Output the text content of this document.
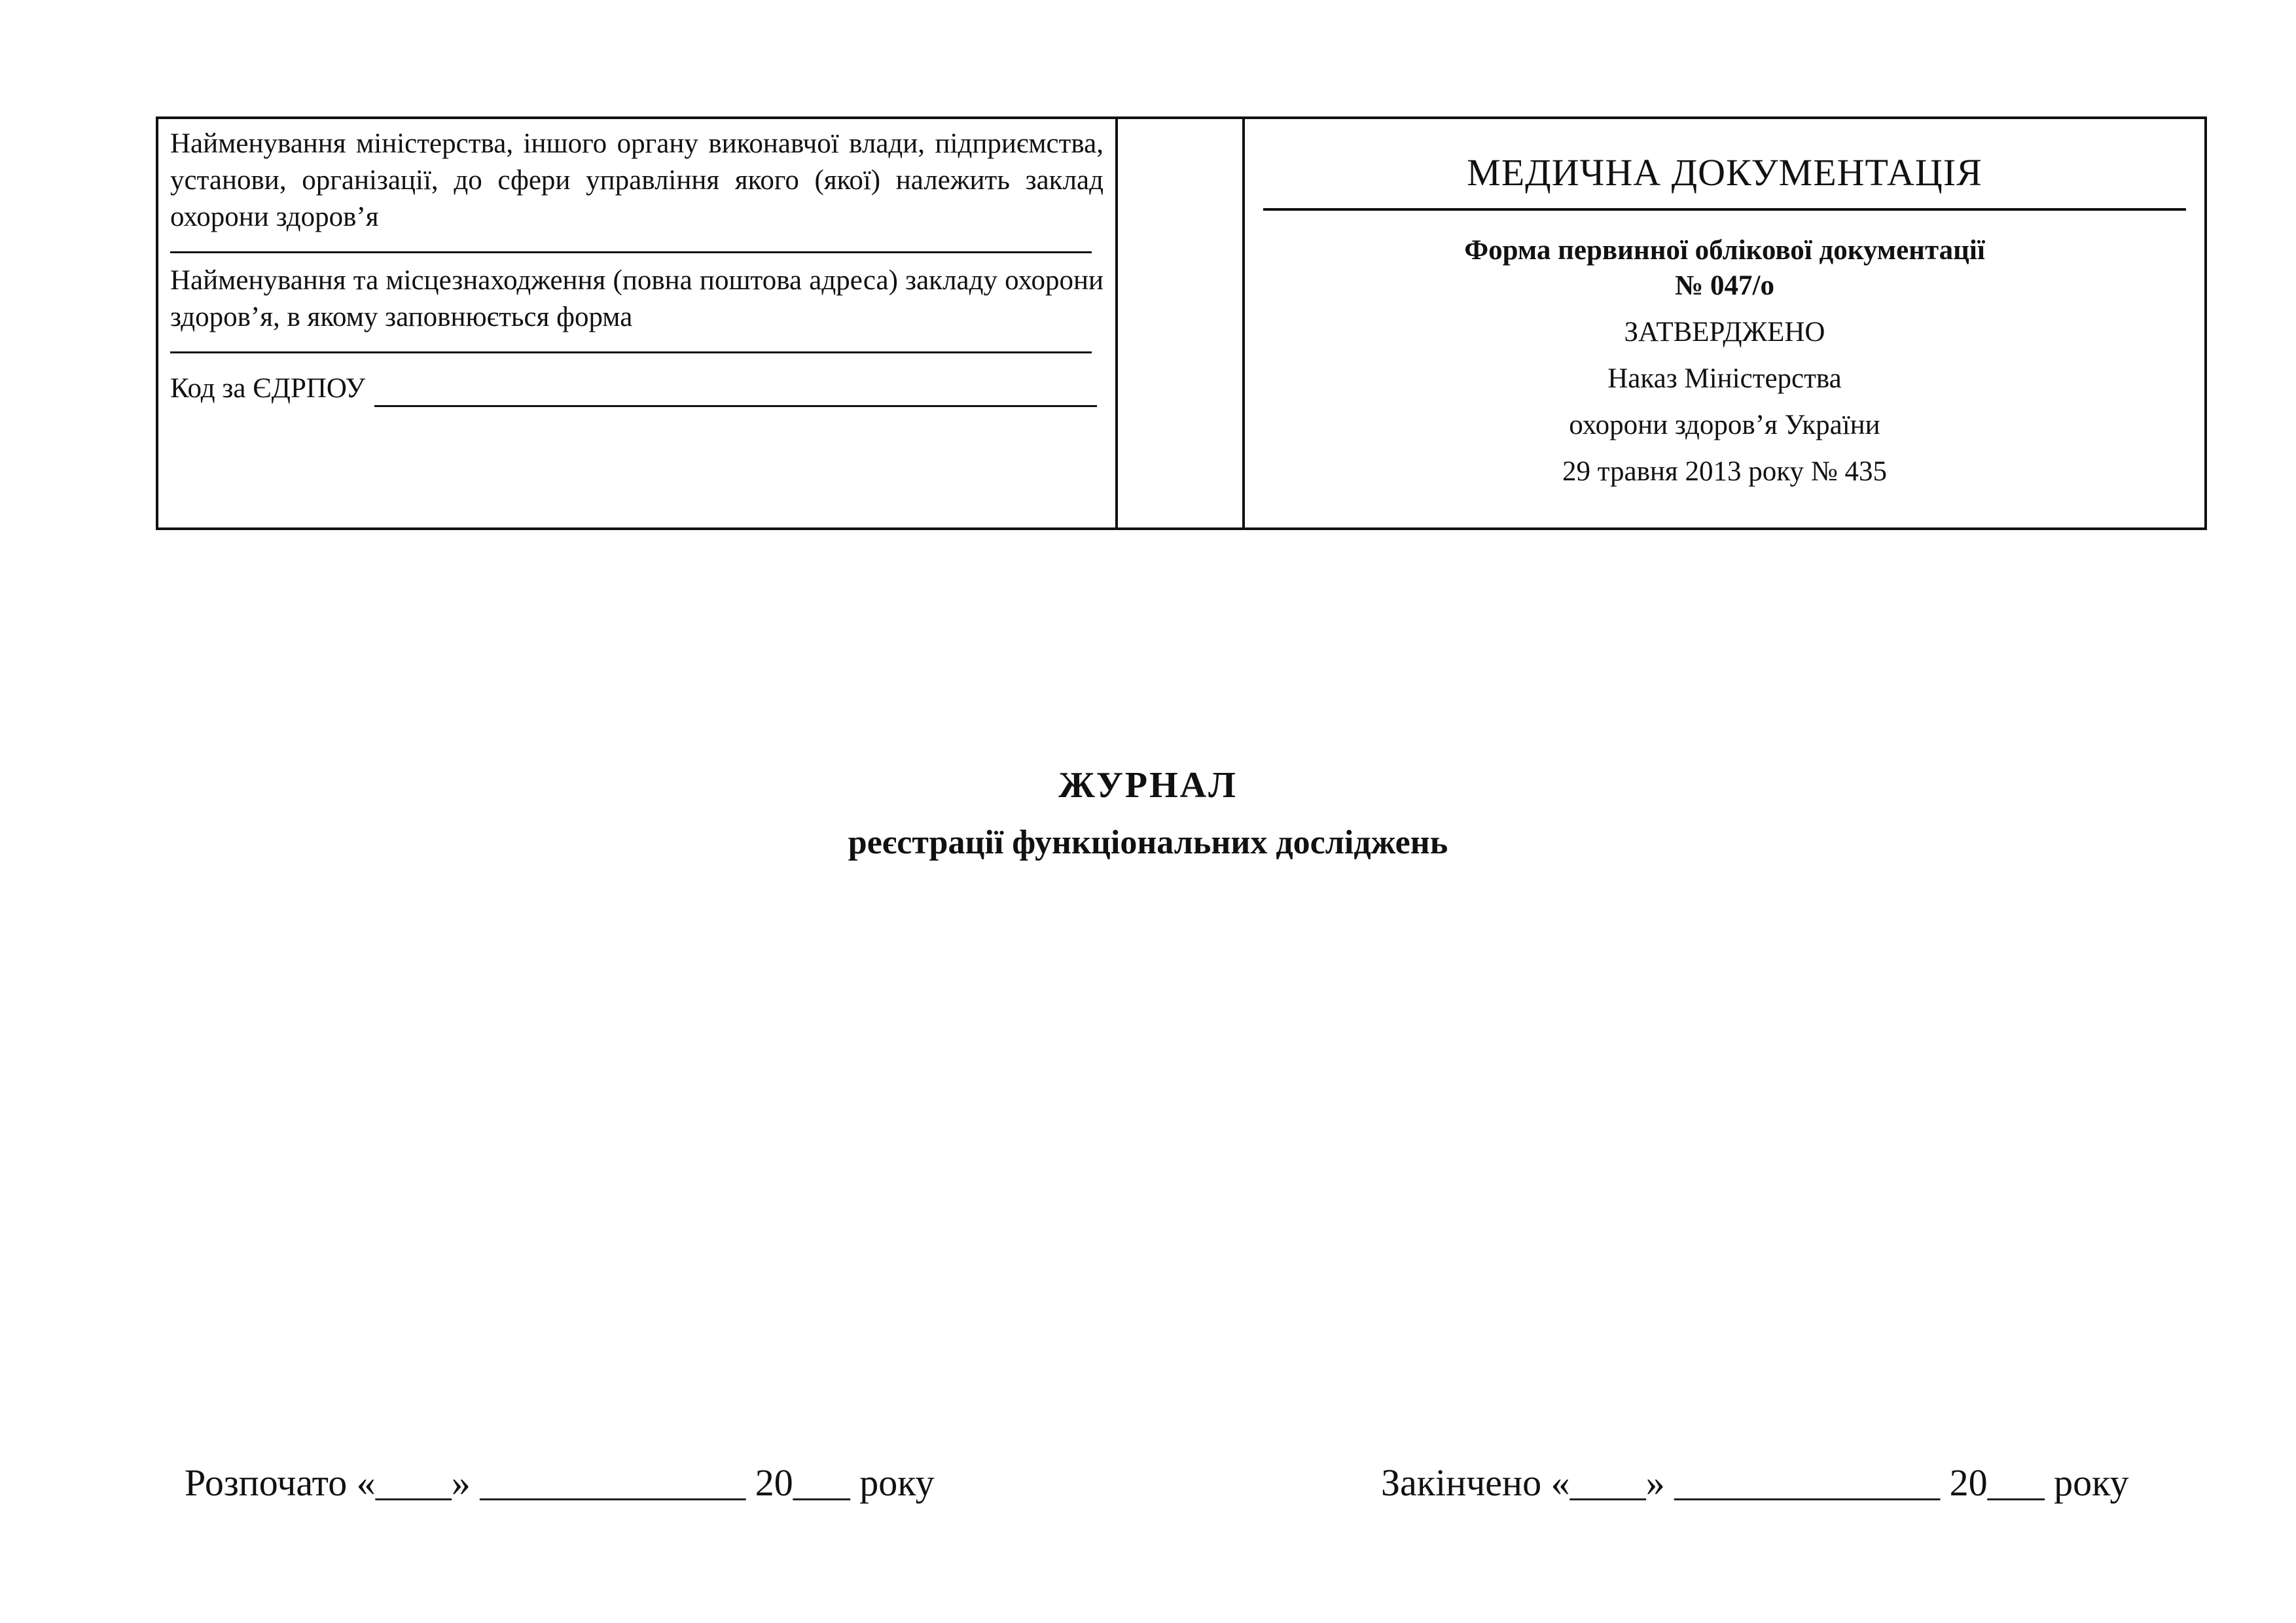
Найменування міністерства, іншого органу виконавчої влади, підприємства, установи, організації, до сфери управління якого (якої) належить заклад охорони здоров’я

Найменування та місцезнаходження (повна поштова адреса) закладу охорони здоров’я, в якому заповнюється форма

Код за ЄДРПОУ

МЕДИЧНА ДОКУМЕНТАЦІЯ
Форма первинної облікової документації
№ 047/о
ЗАТВЕРДЖЕНО
Наказ Міністерства
охорони здоров’я України
29 травня 2013 року № 435
ЖУРНАЛ
реєстрації функціональних досліджень
Розпочато «____» ______________ 20___ року	Закінчено «____» ______________ 20___ року
